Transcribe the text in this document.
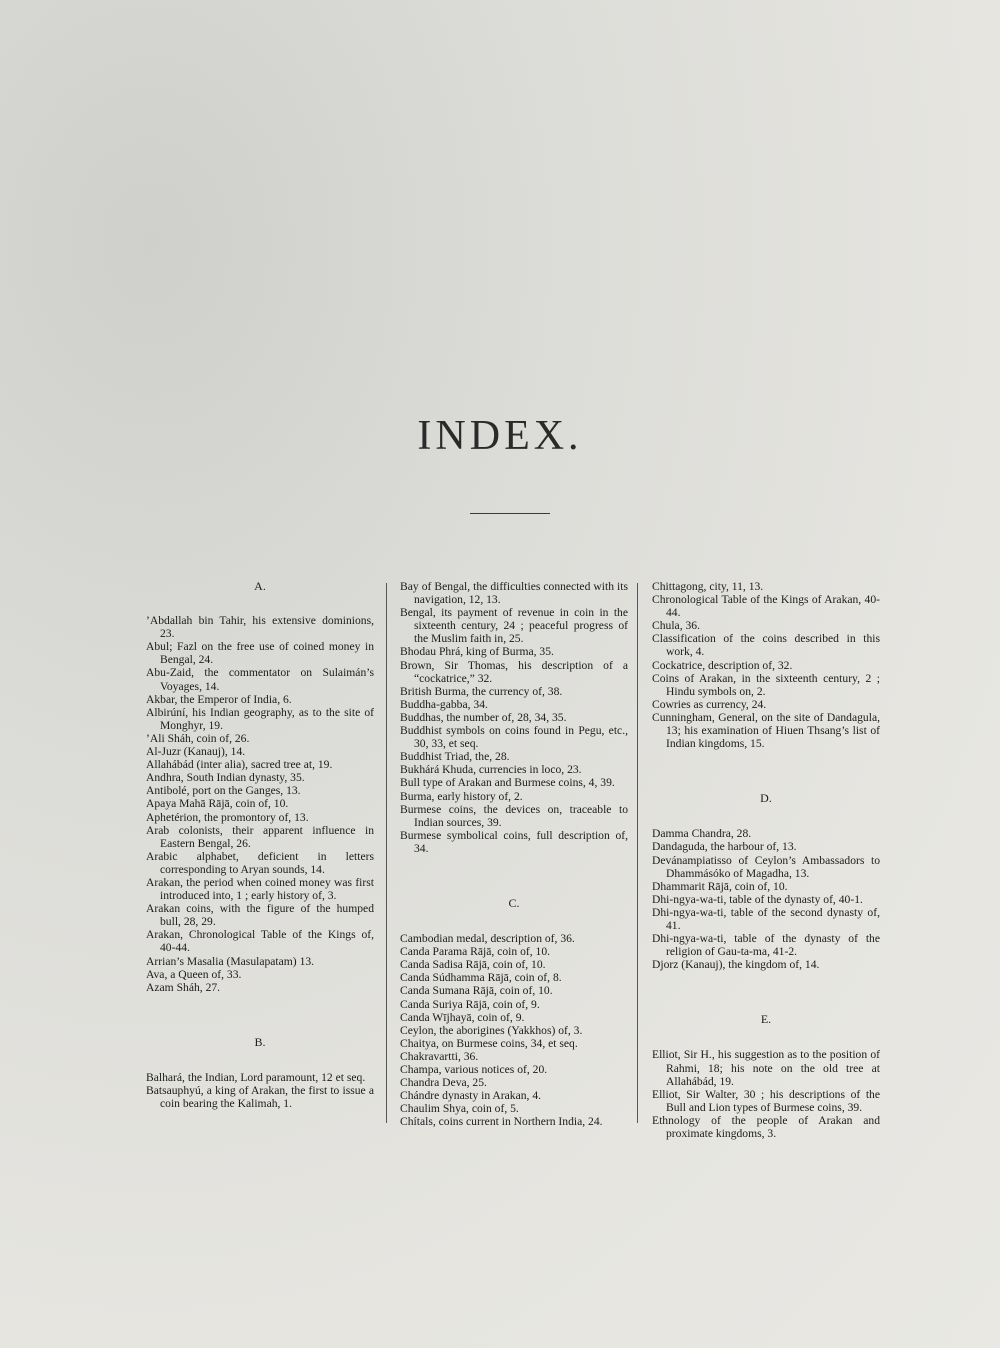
INDEX.

A.

’Abdallah bin Tahir, his extensive dominions, 23.

Abul; Fazl on the free use of coined money in Bengal, 24.

Abu-Zaid, the commentator on Sulaimán’s Voyages, 14.

Akbar, the Emperor of India, 6.

Albirúní, his Indian geography, as to the site of Monghyr, 19.

’Ali Sháh, coin of, 26.

Al-Juzr (Kanauj), 14.

Allahábád (inter alia), sacred tree at, 19.

Andhra, South Indian dynasty, 35.

Antibolé, port on the Ganges, 13.

Apaya Mahā Rājā, coin of, 10.

Aphetérion, the promontory of, 13.

Arab colonists, their apparent influence in Eastern Bengal, 26.

Arabic alphabet, deficient in letters corresponding to Aryan sounds, 14.

Arakan, the period when coined money was first introduced into, 1 ; early history of, 3.

Arakan coins, with the figure of the humped bull, 28, 29.

Arakan, Chronological Table of the Kings of, 40-44.

Arrian’s Masalia (Masulapatam) 13.

Ava, a Queen of, 33.

Azam Sháh, 27.

B.

Balhará, the Indian, Lord paramount, 12 et seq.

Batsauphyú, a king of Arakan, the first to issue a coin bearing the Kalimah, 1.

Bay of Bengal, the difficulties connected with its navigation, 12, 13.

Bengal, its payment of revenue in coin in the sixteenth century, 24 ; peaceful progress of the Muslim faith in, 25.

Bhodau Phrá, king of Burma, 35.

Brown, Sir Thomas, his description of a “cockatrice,” 32.

British Burma, the currency of, 38.

Buddha-gabba, 34.

Buddhas, the number of, 28, 34, 35.

Buddhist symbols on coins found in Pegu, etc., 30, 33, et seq.

Buddhist Triad, the, 28.

Bukhárá Khuda, currencies in loco, 23.

Bull type of Arakan and Burmese coins, 4, 39.

Burma, early history of, 2.

Burmese coins, the devices on, traceable to Indian sources, 39.

Burmese symbolical coins, full description of, 34.

C.

Cambodian medal, description of, 36.

Canda Parama Rājā, coin of, 10.

Canda Sadisa Rājā, coin of, 10.

Canda Súdhamma Rājā, coin of, 8.

Canda Sumana Rājā, coin of, 10.

Canda Suriya Rājā, coin of, 9.

Canda Wījhayā, coin of, 9.

Ceylon, the aborigines (Yakkhos) of, 3.

Chaitya, on Burmese coins, 34, et seq.

Chakravartti, 36.

Champa, various notices of, 20.

Chandra Deva, 25.

Chándre dynasty in Arakan, 4.

Chaulim Shya, coin of, 5.

Chítals, coins current in Northern India, 24.

Chittagong, city, 11, 13.

Chronological Table of the Kings of Arakan, 40-44.

Chula, 36.

Classification of the coins described in this work, 4.

Cockatrice, description of, 32.

Coins of Arakan, in the sixteenth century, 2 ; Hindu symbols on, 2.

Cowries as currency, 24.

Cunningham, General, on the site of Dandagula, 13; his examination of Hiuen Thsang’s list of Indian kingdoms, 15.

D.

Damma Chandra, 28.

Dandaguda, the harbour of, 13.

Devánampiatisso of Ceylon’s Ambassadors to Dhammásóko of Magadha, 13.

Dhammarit Rājā, coin of, 10.

Dhi-ngya-wa-ti, table of the dynasty of, 40-1.

Dhi-ngya-wa-ti, table of the second dynasty of, 41.

Dhi-ngya-wa-ti, table of the dynasty of the religion of Gau-ta-ma, 41-2.

Djorz (Kanauj), the kingdom of, 14.

E.

Elliot, Sir H., his suggestion as to the position of Rahmi, 18; his note on the old tree at Allahábád, 19.

Elliot, Sir Walter, 30 ; his descriptions of the Bull and Lion types of Burmese coins, 39.

Ethnology of the people of Arakan and proximate kingdoms, 3.
